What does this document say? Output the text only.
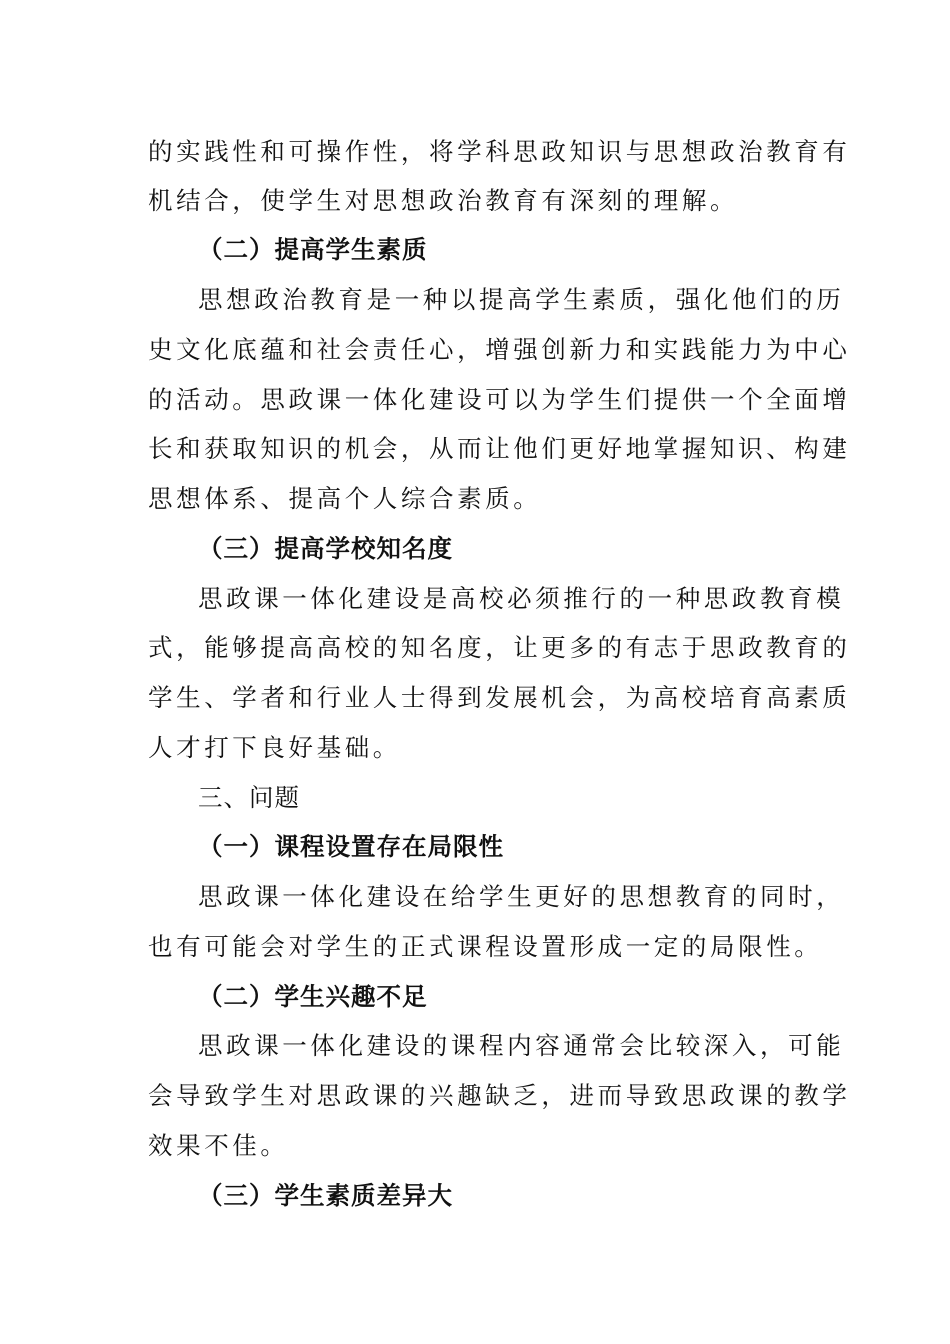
的实践性和可操作性，将学科思政知识与思想政治教育有
机结合，使学生对思想政治教育有深刻的理解。
（二）提高学生素质
思想政治教育是一种以提高学生素质，强化他们的历
史文化底蕴和社会责任心，增强创新力和实践能力为中心
的活动。思政课一体化建设可以为学生们提供一个全面增
长和获取知识的机会，从而让他们更好地掌握知识、构建
思想体系、提高个人综合素质。
（三）提高学校知名度
思政课一体化建设是高校必须推行的一种思政教育模
式，能够提高高校的知名度，让更多的有志于思政教育的
学生、学者和行业人士得到发展机会，为高校培育高素质
人才打下良好基础。
三、问题
（一）课程设置存在局限性
思政课一体化建设在给学生更好的思想教育的同时，
也有可能会对学生的正式课程设置形成一定的局限性。
（二）学生兴趣不足
思政课一体化建设的课程内容通常会比较深入，可能
会导致学生对思政课的兴趣缺乏，进而导致思政课的教学
效果不佳。
（三）学生素质差异大
